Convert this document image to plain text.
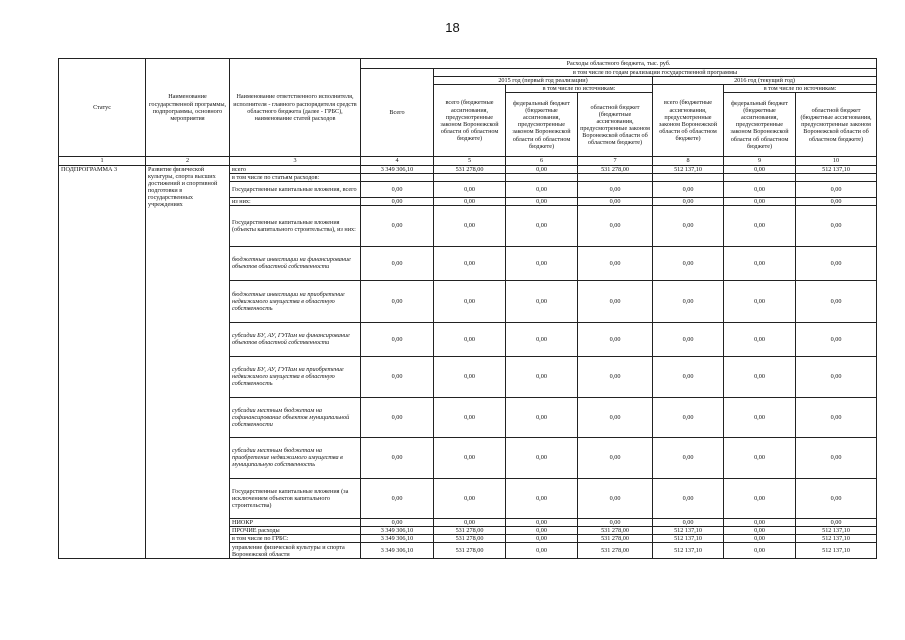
18
Статус	Наименование государственной программы, подпрограммы, основного мероприятия	Наименование ответственного исполнителя, исполнителя - главного распорядителя средств областного бюджета (далее - ГРБС), наименование статей расходов	Расходы областного бюджета, тыс. руб.						
			Всего	в том числе по годам реализации государственной программы					
				2015 год (первый год реализации)			2016 год (текущий год)		
				всего (бюджетные ассигнования, предусмотренные законом Воронежской области об областном бюджете)	в том числе по источникам:		всего (бюджетные ассигнования, предусмотренные законом Воронежской области об областном бюджете)	в том числе по источникам:	
					федеральный бюджет (бюджетные ассигнования, предусмотренные законом Воронежской области об областном бюджете)	областной бюджет (бюджетные ассигнования, предусмотренные законом Воронежской области об областном бюджете)		федеральный бюджет (бюджетные ассигнования, предусмотренные законом Воронежской области об областном бюджете)	областной бюджет (бюджетные ассигнования, предусмотренные законом Воронежской области об областном бюджете)
1	2	3	4	5	6	7	8	9	10
ПОДПРОГРАММА 3	Развитие физической культуры, спорта высших достижений и спортивной подготовки в государственных учреждениях	всего	3 349 306,10	531 278,00	0,00	531 278,00	512 137,10	0,00	512 137,10
		в том числе по статьям расходов:							
		Государственные капитальные вложения, всего	0,00	0,00	0,00	0,00	0,00	0,00	0,00
		из них:	0,00	0,00	0,00	0,00	0,00	0,00	0,00
		Государственные капитальные вложения (объекты капитального строительства), из них:	0,00	0,00	0,00	0,00	0,00	0,00	0,00
		бюджетные инвестиции на финансирование объектов областной собственности	0,00	0,00	0,00	0,00	0,00	0,00	0,00
		бюджетные инвестиции на приобретение недвижимого имущества в областную собственность	0,00	0,00	0,00	0,00	0,00	0,00	0,00
		субсидии БУ, АУ, ГУПам на финансирование объектов областной собственности	0,00	0,00	0,00	0,00	0,00	0,00	0,00
		субсидии БУ, АУ, ГУПам на приобретение недвижимого имущества в областную собственность	0,00	0,00	0,00	0,00	0,00	0,00	0,00
		субсидии местным бюджетам на софинансирование объектов муниципальной собственности	0,00	0,00	0,00	0,00	0,00	0,00	0,00
		субсидии местным бюджетам на приобретение недвижимого имущества в муниципальную собственность	0,00	0,00	0,00	0,00	0,00	0,00	0,00
		Государственные капитальные вложения (за исключением объектов капитального строительства)	0,00	0,00	0,00	0,00	0,00	0,00	0,00
		НИОКР	0,00	0,00	0,00	0,00	0,00	0,00	0,00
		ПРОЧИЕ расходы	3 349 306,10	531 278,00	0,00	531 278,00	512 137,10	0,00	512 137,10
		в том числе по ГРБС:	3 349 306,10	531 278,00	0,00	531 278,00	512 137,10	0,00	512 137,10
		управление физической культуры и спорта Воронежской области	3 349 306,10	531 278,00	0,00	531 278,00	512 137,10	0,00	512 137,10
